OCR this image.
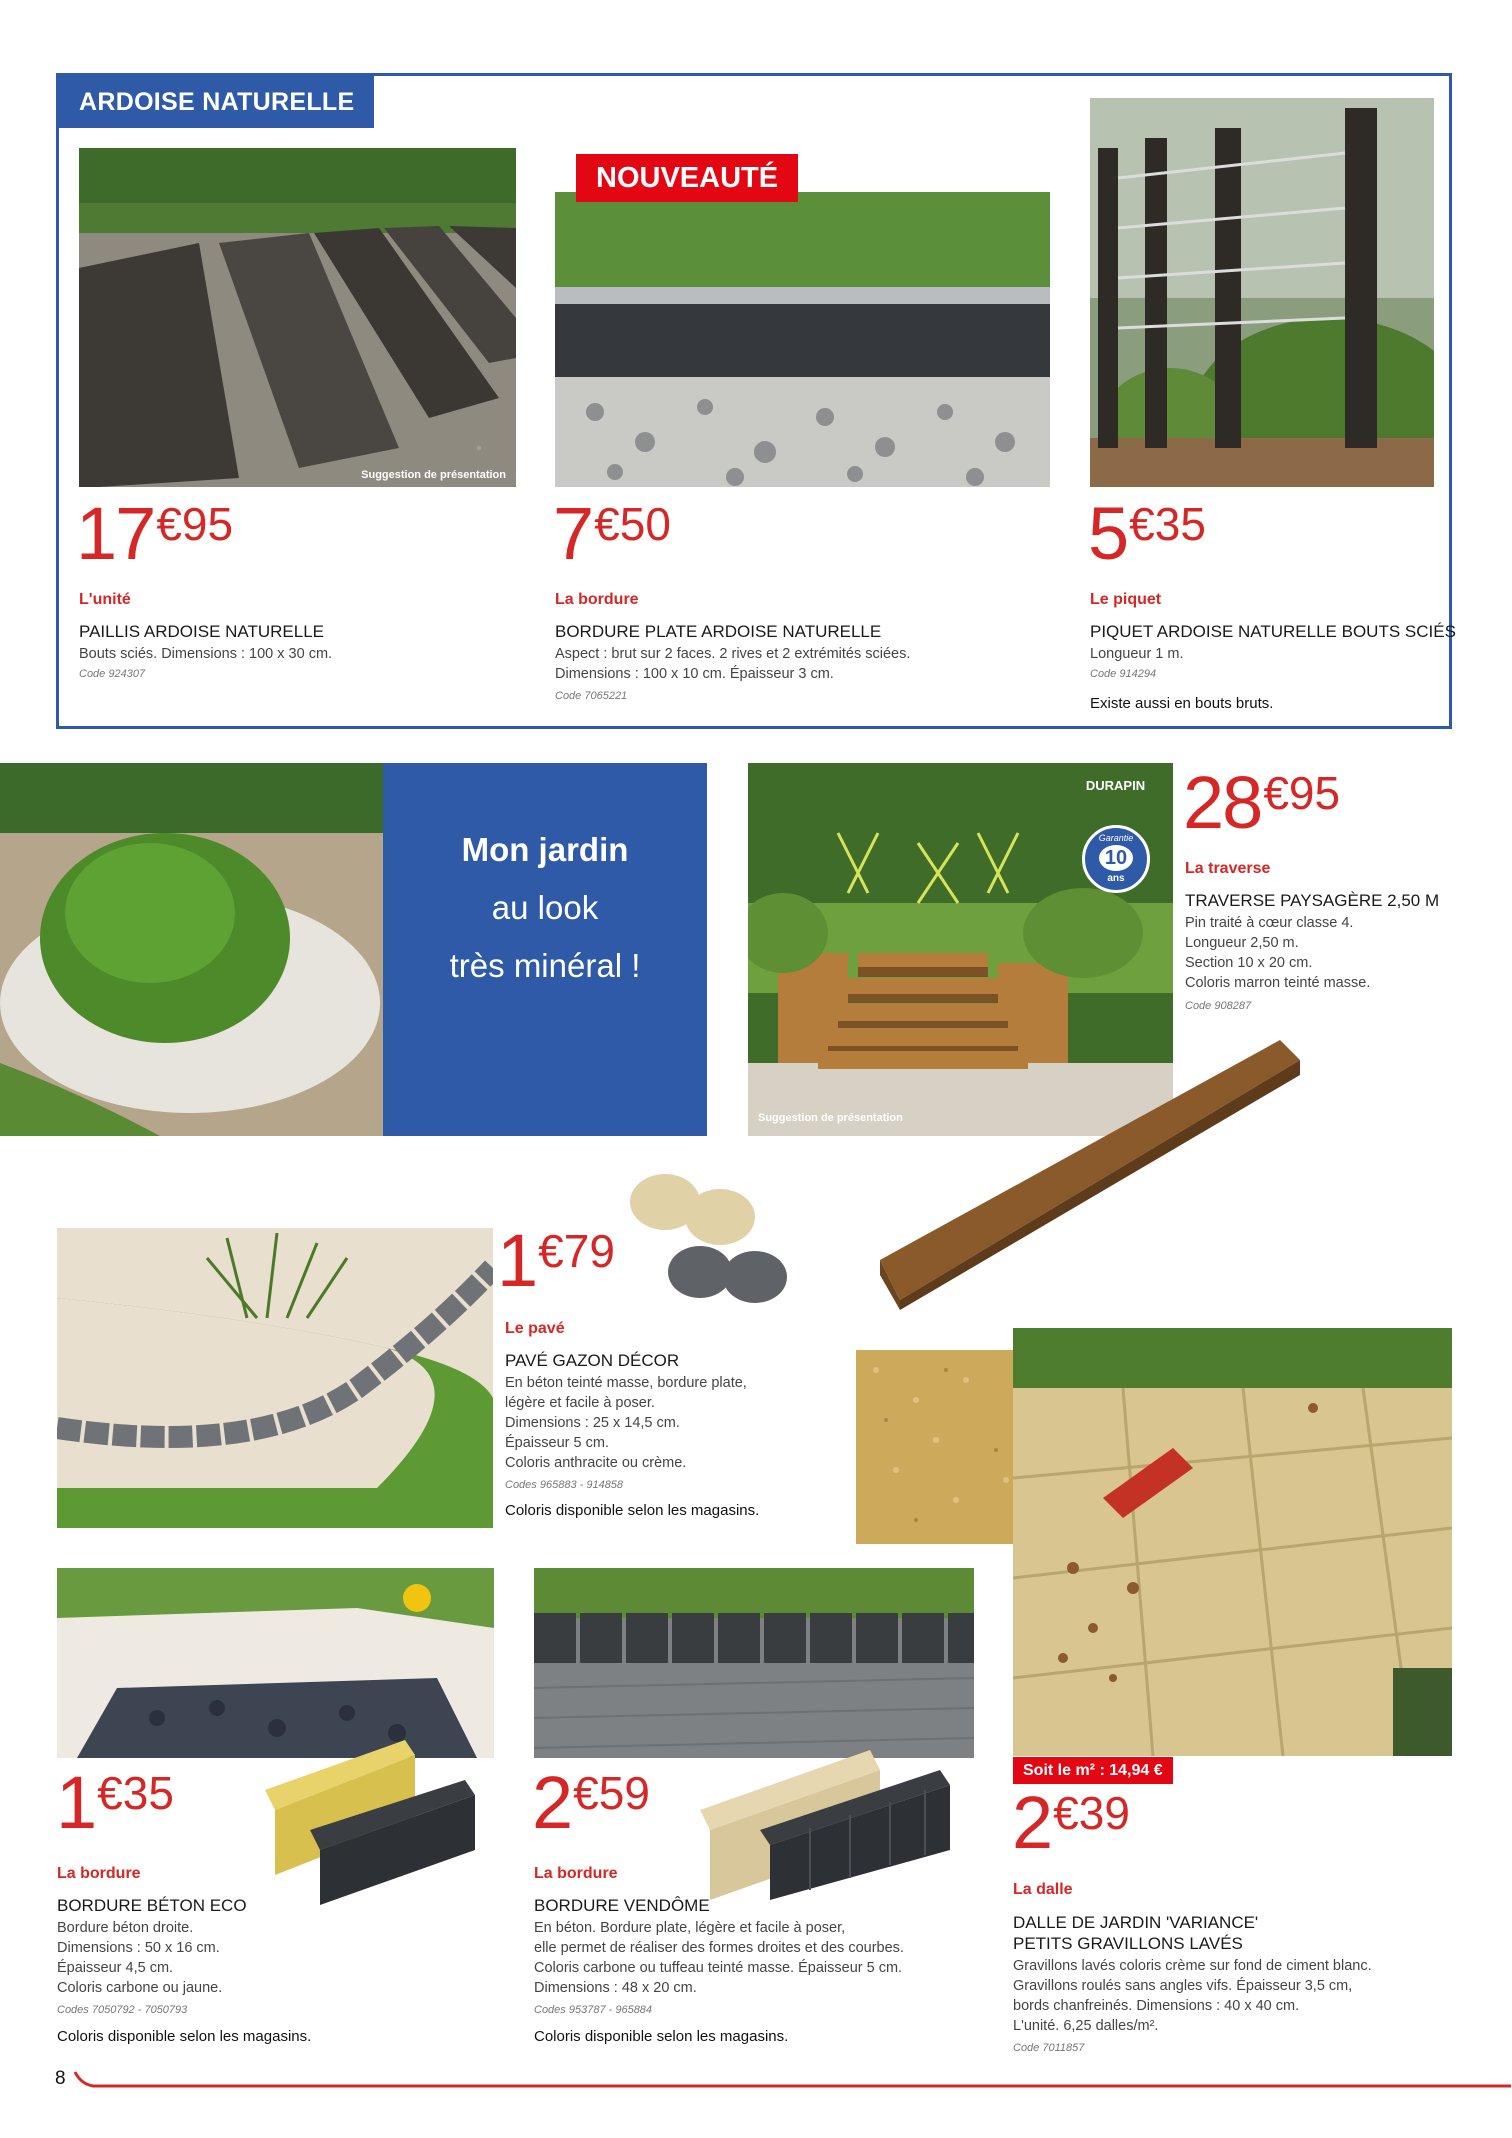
ARDOISE NATURELLE
Suggestion de présentation
NOUVEAUTÉ
17€95
L'unité
PAILLIS ARDOISE NATURELLE
Bouts sciés. Dimensions : 100 x 30 cm.
Code 924307
7€50
La bordure
BORDURE PLATE ARDOISE NATURELLE
Aspect : brut sur 2 faces. 2 rives et 2 extrémités sciées. Dimensions : 100 x 10 cm. Épaisseur 3 cm.
Code 7065221
5€35
Le piquet
PIQUET ARDOISE NATURELLE BOUTS SCIÉS
Longueur 1 m.
Code 914294
Existe aussi en bouts bruts.
Mon jardin
au look
très minéral !
Suggestion de présentation
DURAPIN
Garantie
10
ans
28€95
La traverse
TRAVERSE PAYSAGÈRE 2,50 M
Pin traité à cœur classe 4.
Longueur 2,50 m.
Section 10 x 20 cm.
Coloris marron teinté masse.
Code 908287
1€79
Le pavé
PAVÉ GAZON DÉCOR
En béton teinté masse, bordure plate,
légère et facile à poser.
Dimensions : 25 x 14,5 cm.
Épaisseur 5 cm.
Coloris anthracite ou crème.
Codes 965883 - 914858
Coloris disponible selon les magasins.
Soit le m² : 14,94 €
2€39
La dalle
DALLE DE JARDIN 'VARIANCE'
PETITS GRAVILLONS LAVÉS
Gravillons lavés coloris crème sur fond de ciment blanc.
Gravillons roulés sans angles vifs. Épaisseur 3,5 cm,
bords chanfreinés. Dimensions : 40 x 40 cm.
L'unité. 6,25 dalles/m².
Code 7011857
1€35
La bordure
BORDURE BÉTON ECO
Bordure béton droite.
Dimensions : 50 x 16 cm.
Épaisseur 4,5 cm.
Coloris carbone ou jaune.
Codes 7050792 - 7050793
Coloris disponible selon les magasins.
2€59
La bordure
BORDURE VENDÔME
En béton. Bordure plate, légère et facile à poser,
elle permet de réaliser des formes droites et des courbes.
Coloris carbone ou tuffeau teinté masse. Épaisseur 5 cm.
Dimensions : 48 x 20 cm.
Codes 953787 - 965884
Coloris disponible selon les magasins.
8
